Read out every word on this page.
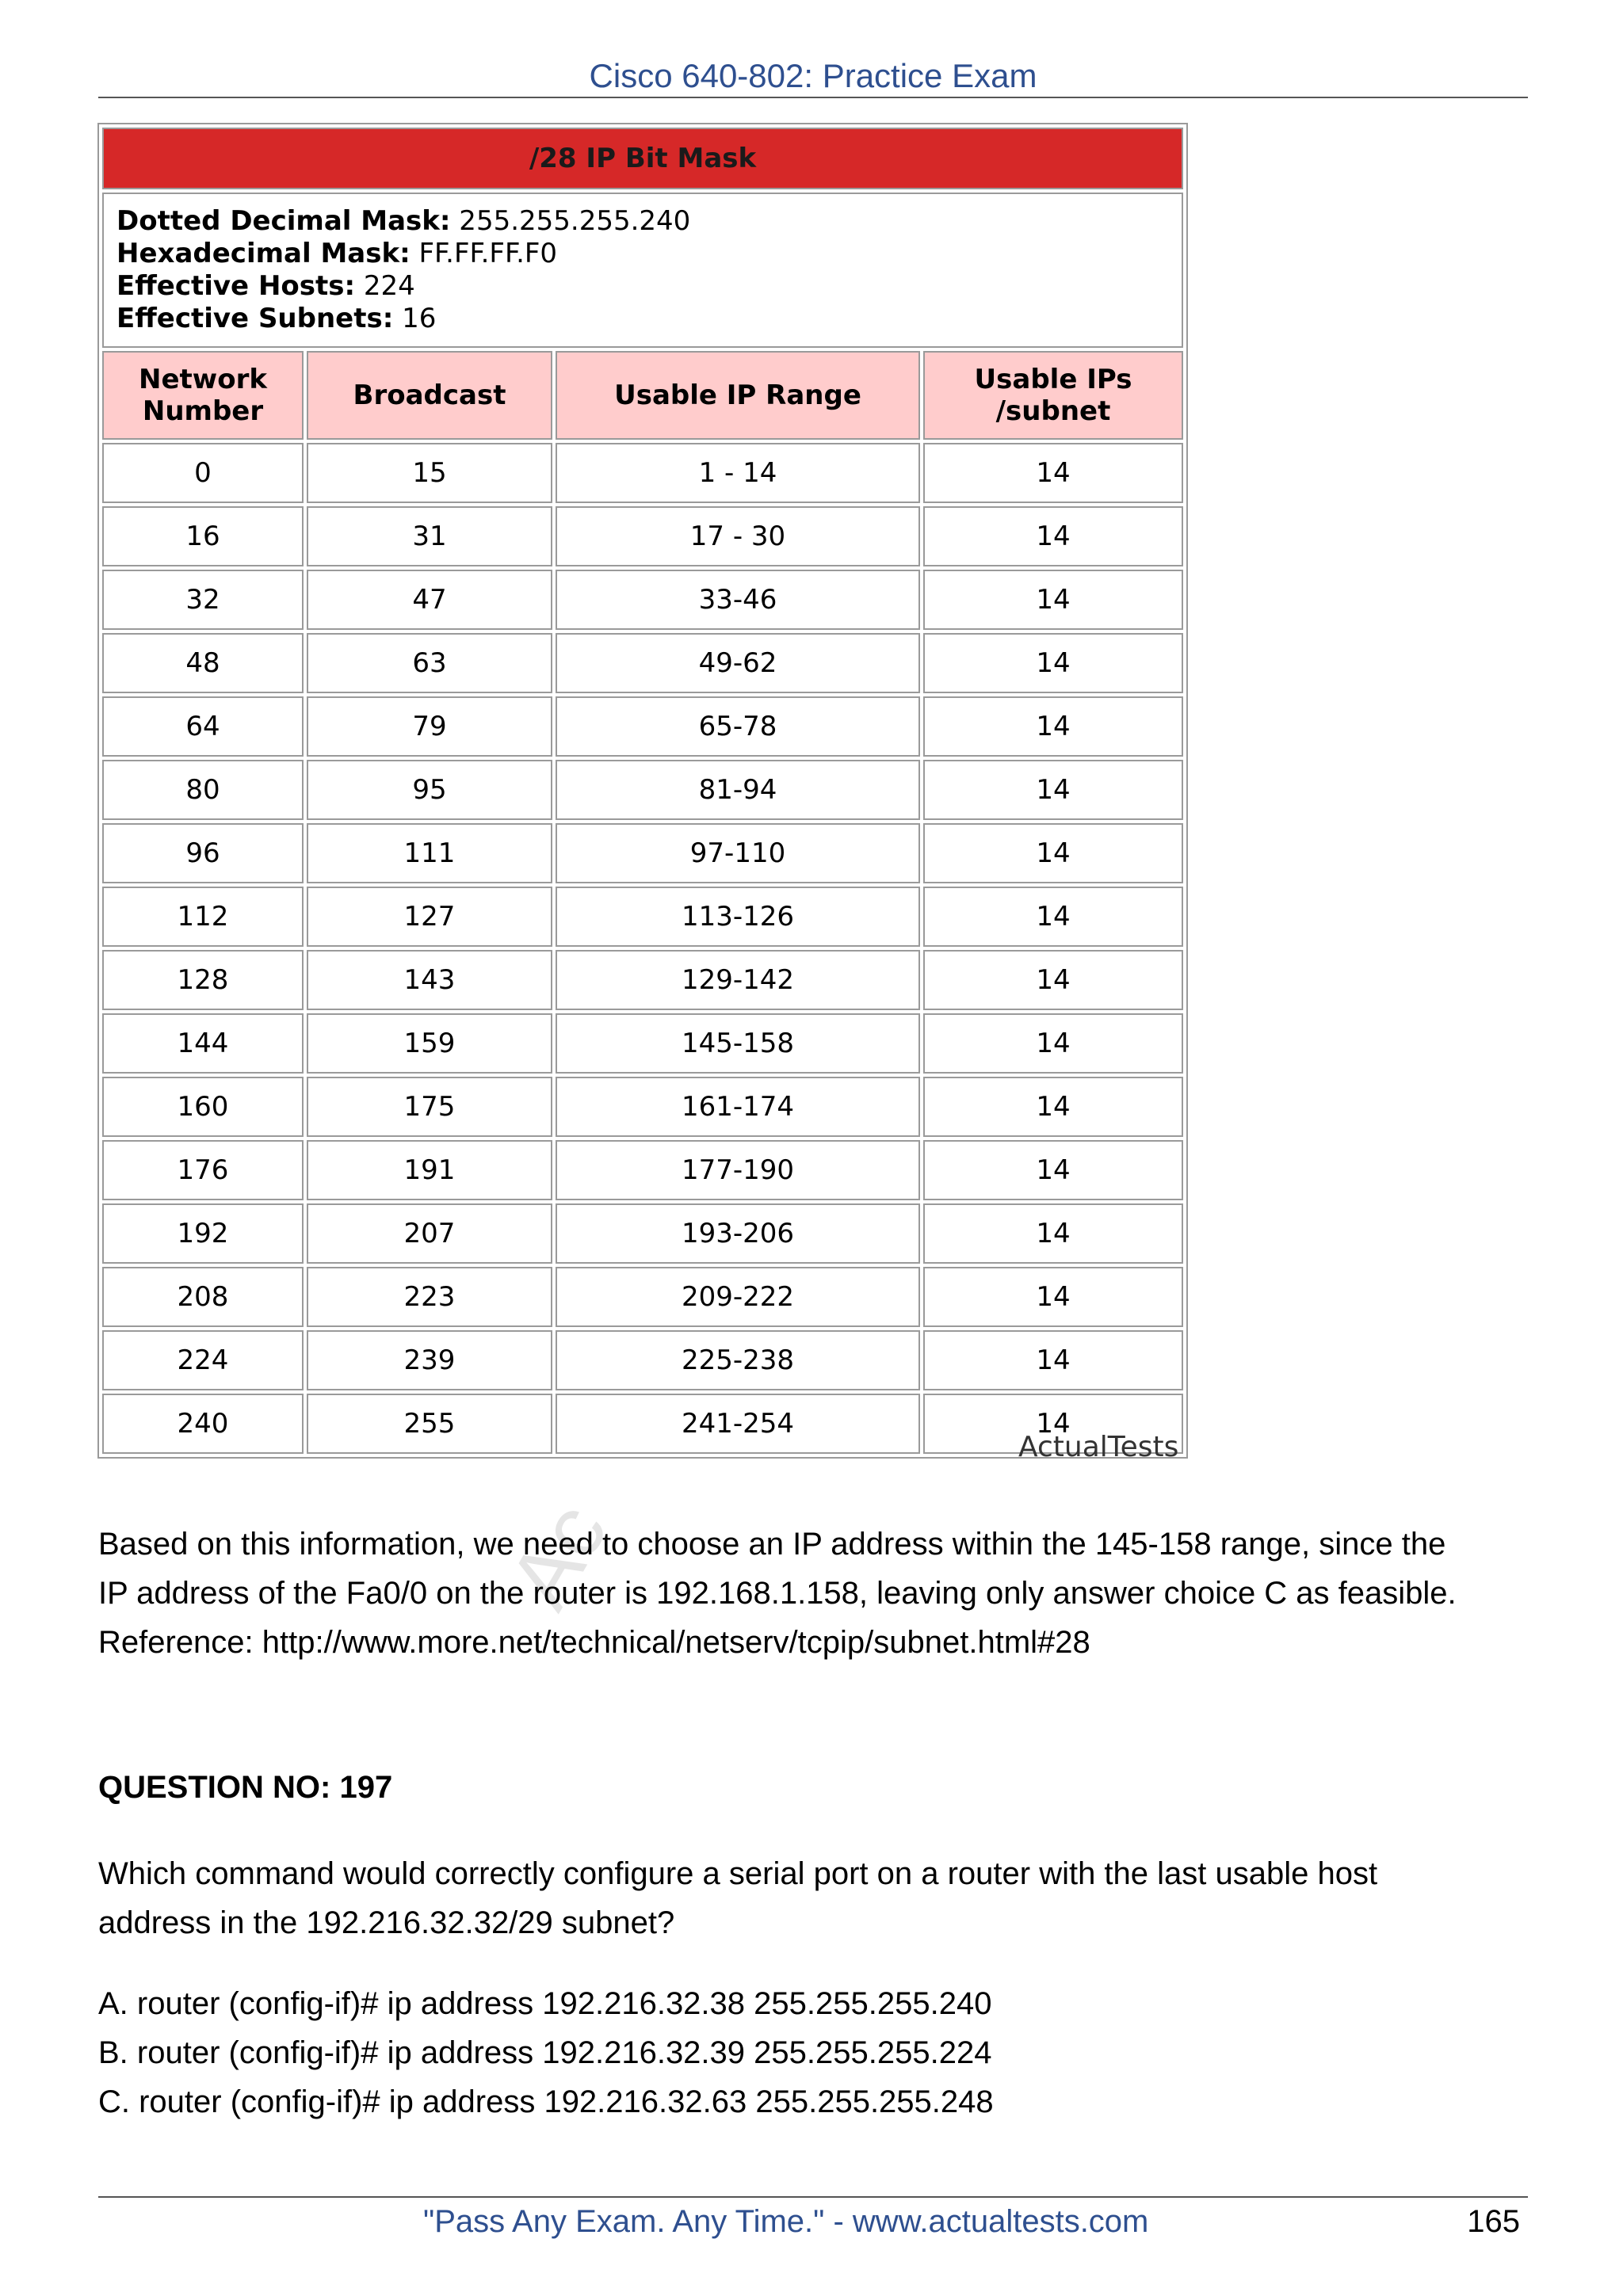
Cisco 640-802: Practice Exam
/28 IP Bit Mask			

Dotted Decimal Mask: 255.255.255.240
Hexadecimal Mask: FF.FF.FF.F0
Effective Hosts: 224
Effective Subnets: 16			

Network Number	Broadcast	Usable IP Range	Usable IPs /subnet
0	15	1 - 14	14
16	31	17 - 30	14
32	47	33-46	14
48	63	49-62	14
64	79	65-78	14
80	95	81-94	14
96	111	97-110	14
112	127	113-126	14
128	143	129-142	14
144	159	145-158	14
160	175	161-174	14
176	191	177-190	14
192	207	193-206	14
208	223	209-222	14
224	239	225-238	14
240	255	241-254	14
ActualTests
Ac
Based on this information, we need to choose an IP address within the 145-158 range, since the
IP address of the Fa0/0 on the router is 192.168.1.158, leaving only answer choice C as feasible.
Reference: http://www.more.net/technical/netserv/tcpip/subnet.html#28
QUESTION NO: 197
Which command would correctly configure a serial port on a router with the last usable host
address in the 192.216.32.32/29 subnet?
A. router (config-if)# ip address 192.216.32.38 255.255.255.240
B. router (config-if)# ip address 192.216.32.39 255.255.255.224
C. router (config-if)# ip address 192.216.32.63 255.255.255.248
"Pass Any Exam. Any Time." - www.actualtests.com	165
